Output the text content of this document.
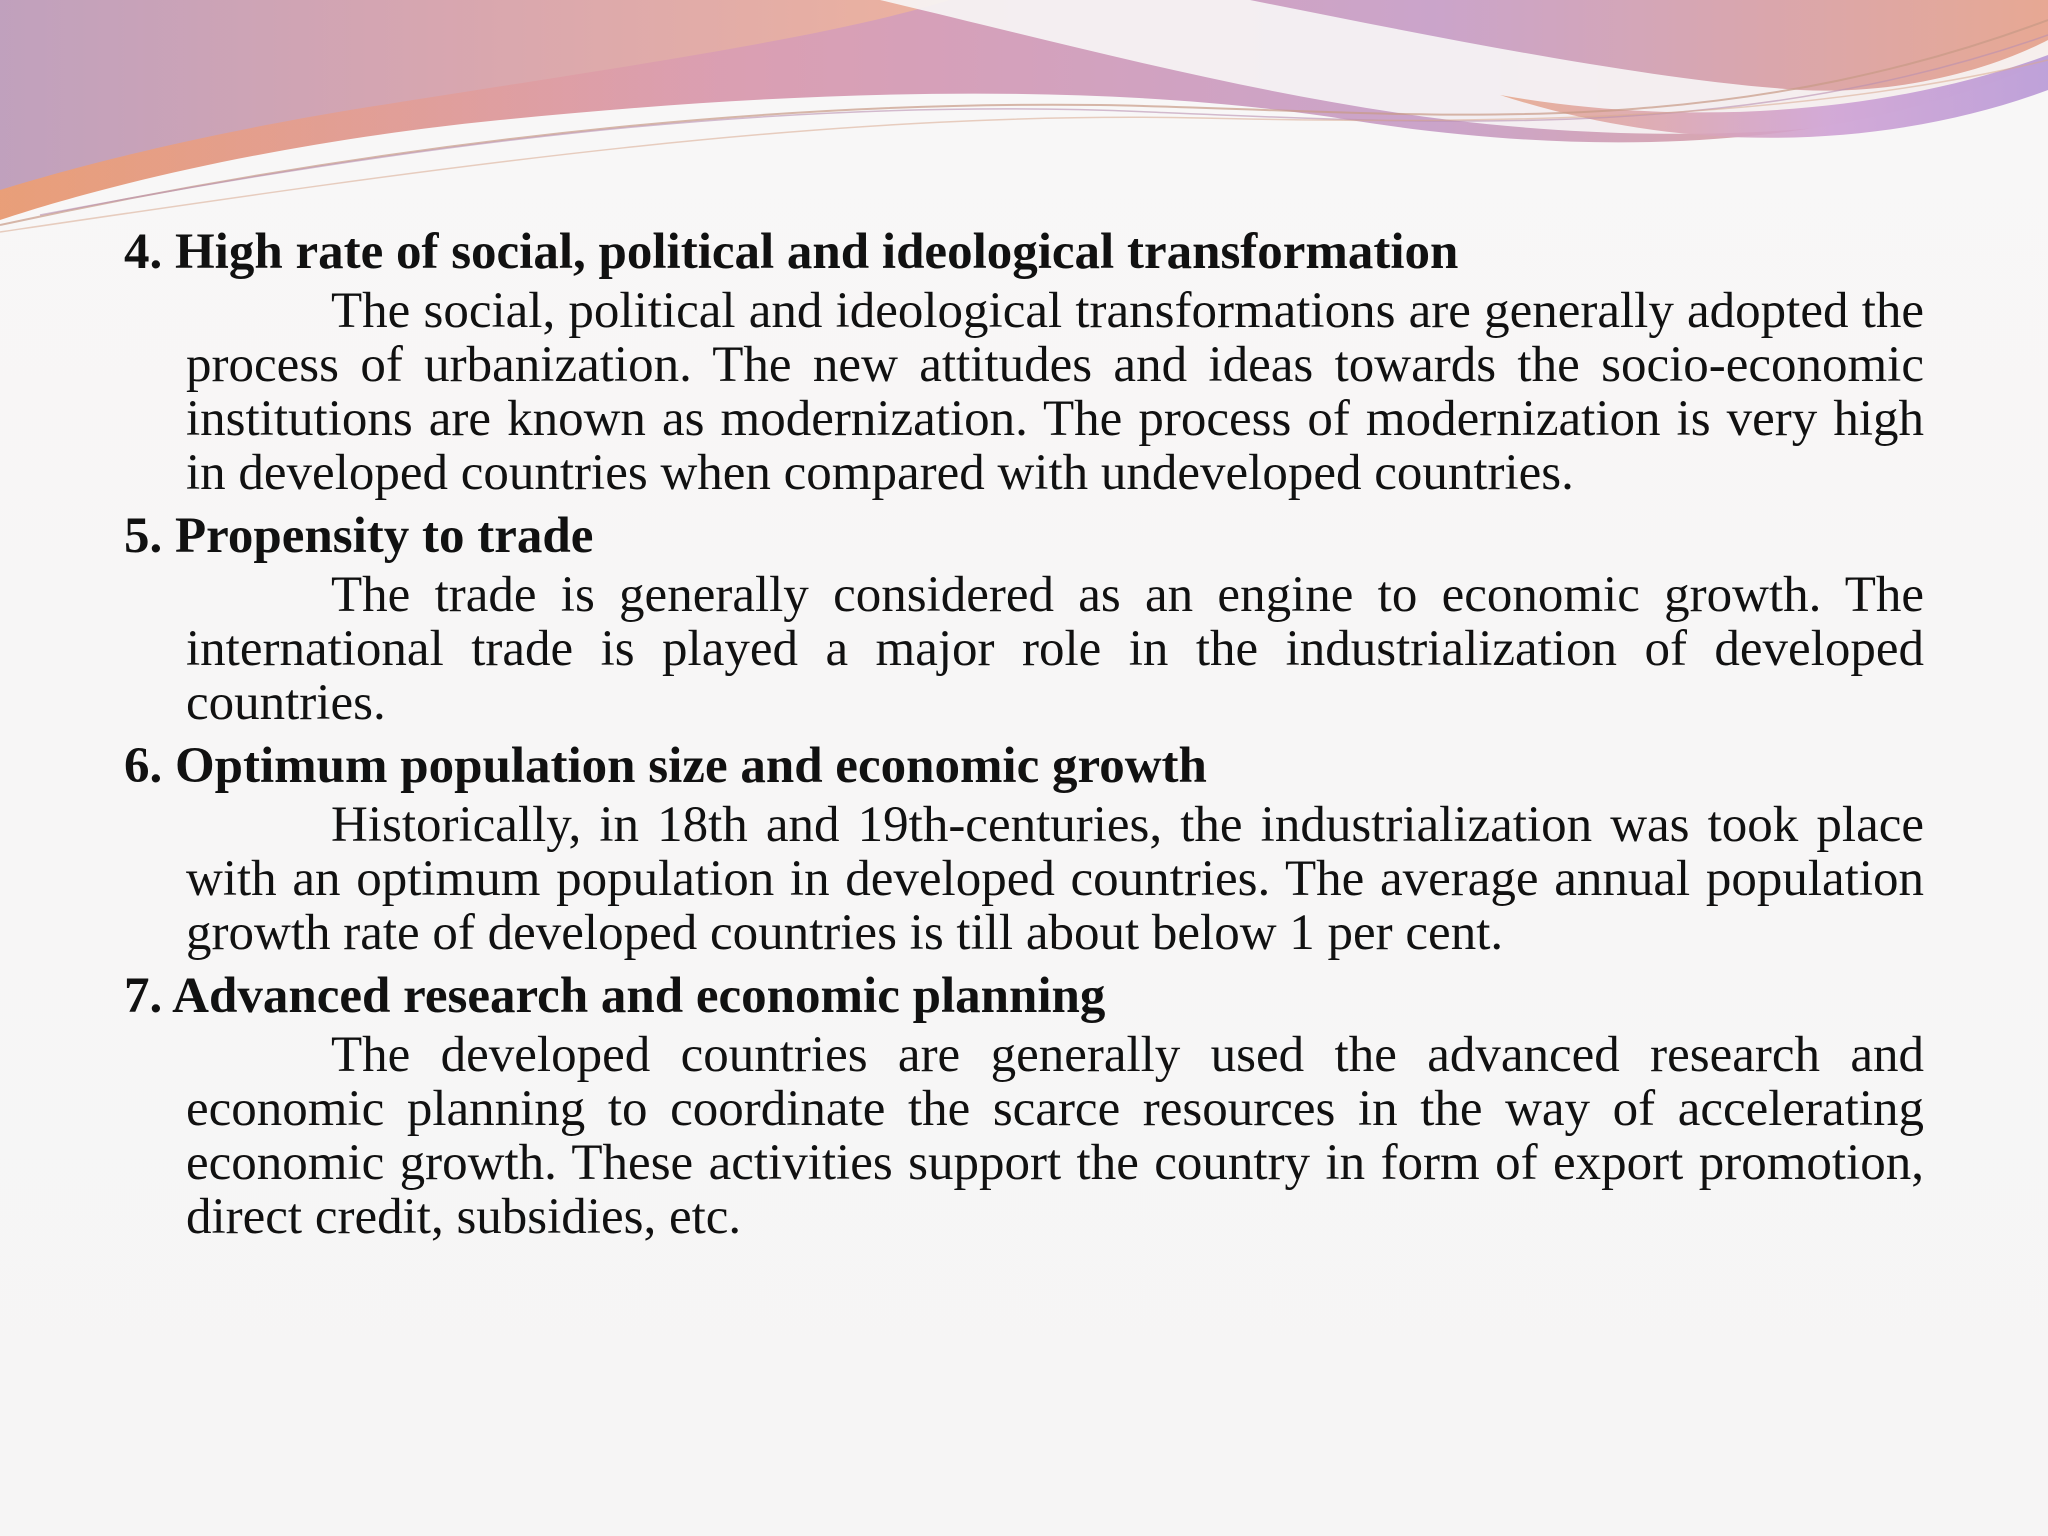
4. High rate of social, political and ideological transformation

The social, political and ideological transformations are generally adopted the process of urbanization. The new attitudes and ideas towards the socio-economic institutions are known as modernization. The process of modernization is very high in developed countries when compared with undeveloped countries.

5. Propensity to trade

The trade is generally considered as an engine to economic growth. The international trade is played a major role in the industrialization of developed countries.

6. Optimum population size and economic growth

Historically, in 18th and 19th-centuries, the industrialization was took place with an optimum population in developed countries. The average annual population growth rate of developed countries is till about below 1 per cent.

7. Advanced research and economic planning

The developed countries are generally used the advanced research and economic planning to coordinate the scarce resources in the way of accelerating economic growth. These activities support the country in form of export promotion, direct credit, subsidies, etc.
